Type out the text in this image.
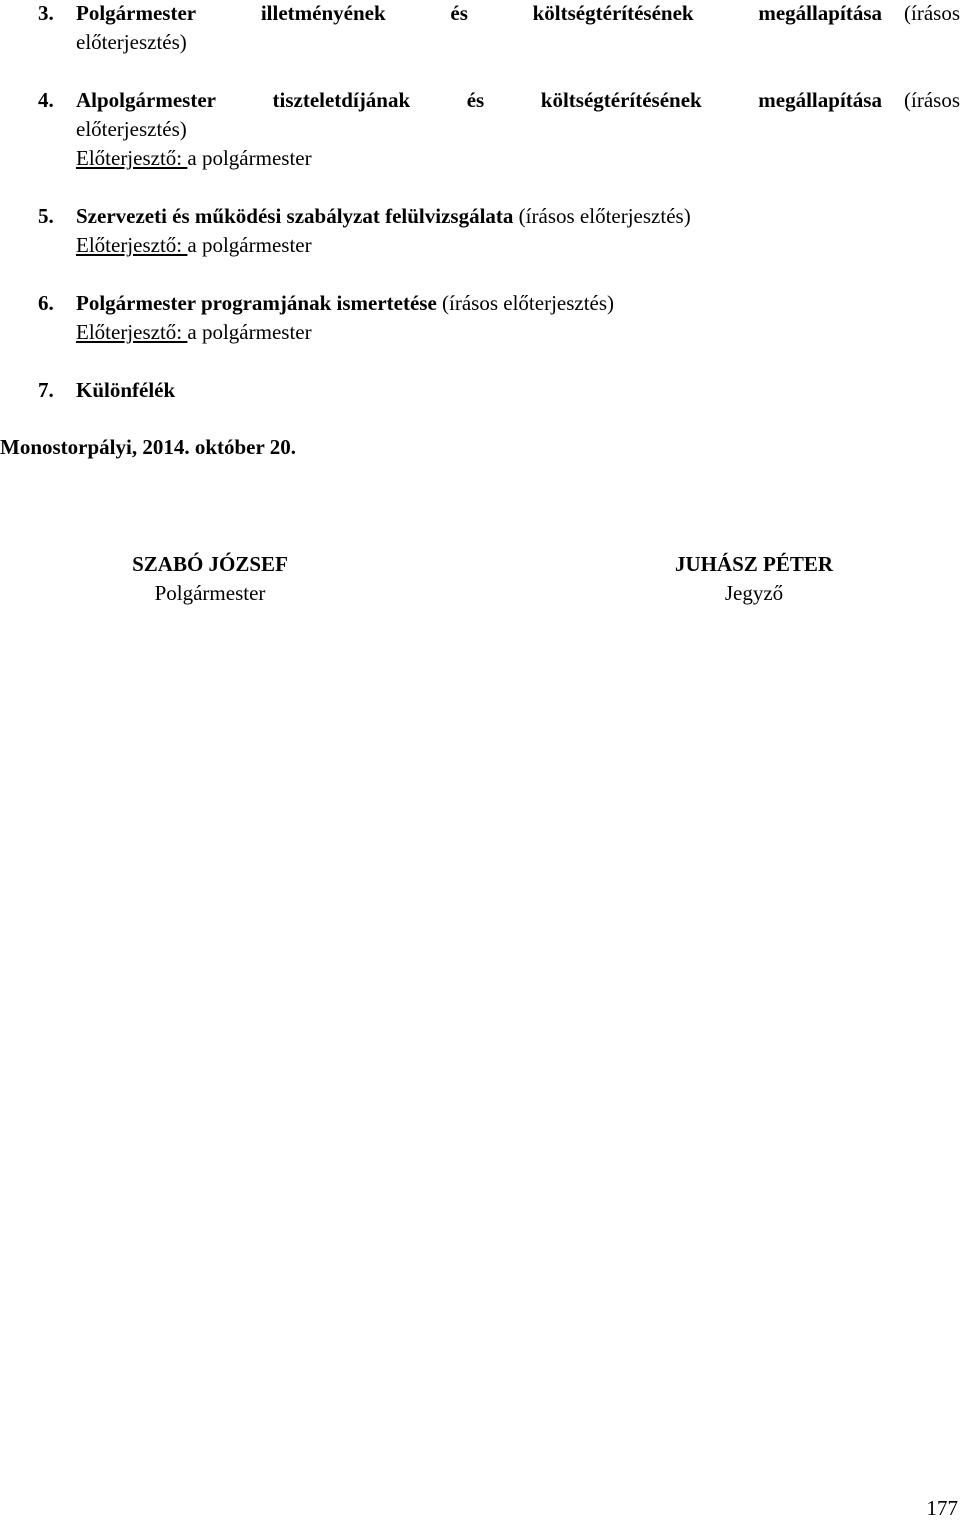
3. Polgármester	illetményének	és	költségtérítésének	megállapítása (írásos
előterjesztés)
4. Alpolgármester	tiszteletdíjának	és	költségtérítésének	megállapítása (írásos
előterjesztés)
Előterjesztő: a polgármester
5. Szervezeti és működési szabályzat felülvizsgálata (írásos előterjesztés)
Előterjesztő: a polgármester
6. Polgármester programjának ismertetése (írásos előterjesztés)
Előterjesztő: a polgármester
7. Különfélék
Monostorpályi, 2014. október 20.
SZABÓ JÓZSEF
Polgármester
JUHÁSZ PÉTER
Jegyző
177
